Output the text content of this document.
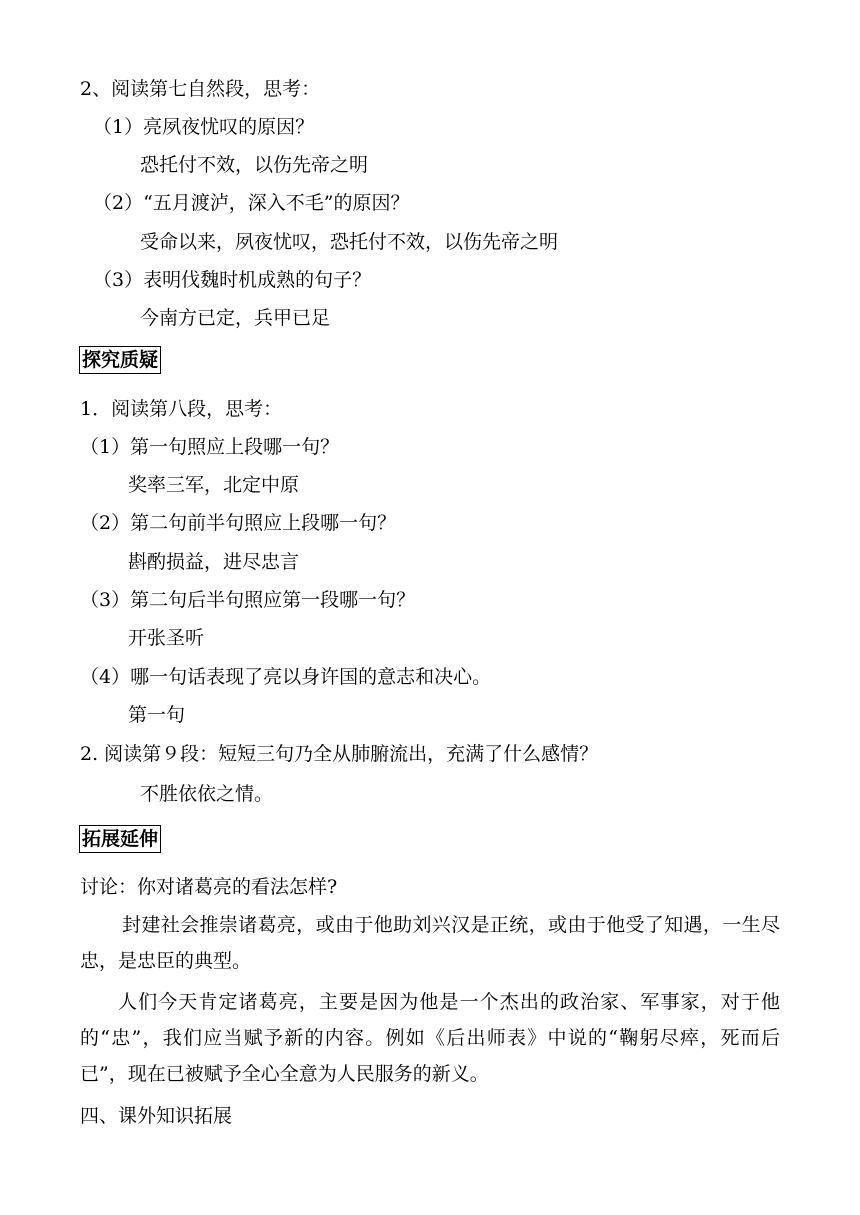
2、阅读第七自然段，思考：
（1）亮夙夜忧叹的原因？
恐托付不效，以伤先帝之明
（2）“五月渡泸，深入不毛”的原因？
受命以来，夙夜忧叹，恐托付不效，以伤先帝之明
（3）表明伐魏时机成熟的句子？
今南方已定，兵甲已足
探究质疑
1．阅读第八段，思考：
（1）第一句照应上段哪一句？
奖率三军，北定中原
（2）第二句前半句照应上段哪一句？
斟酌损益，进尽忠言
（3）第二句后半句照应第一段哪一句？
开张圣听
（4）哪一句话表现了亮以身许国的意志和决心。
第一句
2. 阅读第９段：短短三句乃全从肺腑流出，充满了什么感情？
不胜依依之情。
拓展延伸
讨论：你对诸葛亮的看法怎样?
封建社会推崇诸葛亮，或由于他助刘兴汉是正统，或由于他受了知遇，一生尽忠，是忠臣的典型。
人们今天肯定诸葛亮，主要是因为他是一个杰出的政治家、军事家，对于他的“忠”，我们应当赋予新的内容。例如《后出师表》中说的“鞠躬尽瘁，死而后已”，现在已被赋予全心全意为人民服务的新义。
四、课外知识拓展
